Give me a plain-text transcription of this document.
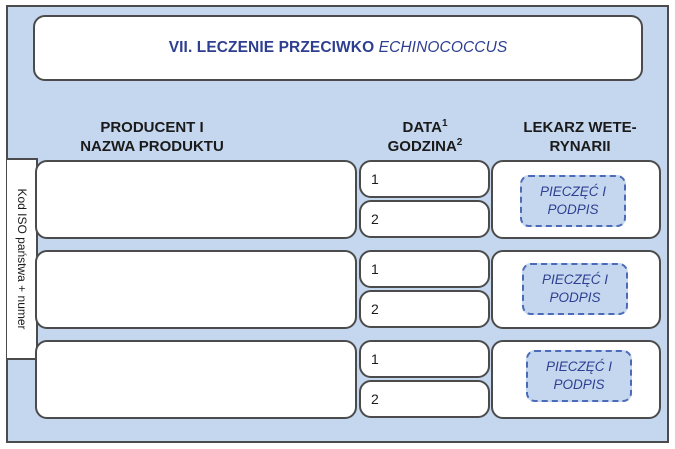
VII. LECZENIE PRZECIWKO ECHINOCOCCUS
PRODUCENT I
NAZWA PRODUKTU
DATA$^1$
GODZINA$^2$
LEKARZ WETE-
RYNARII
Kod ISO państwa + numer
1
2
PIECZĘĆ I
PODPIS
1
2
PIECZĘĆ I
PODPIS
1
2
PIECZĘĆ I
PODPIS
